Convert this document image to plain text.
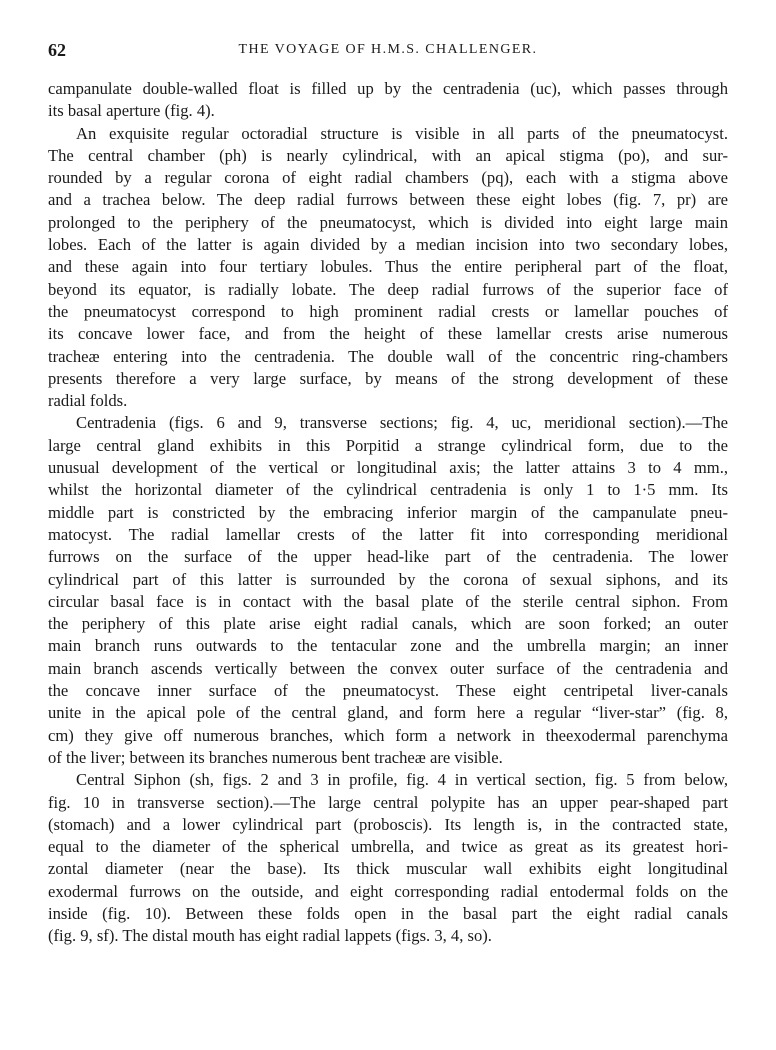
62	THE VOYAGE OF H.M.S. CHALLENGER.

campanulate double-walled float is filled up by the centradenia (uc), which passes through
its basal aperture (fig. 4).

An exquisite regular octoradial structure is visible in all parts of the pneumatocyst.
The central chamber (ph) is nearly cylindrical, with an apical stigma (po), and sur-
rounded by a regular corona of eight radial chambers (pq), each with a stigma above
and a trachea below. The deep radial furrows between these eight lobes (fig. 7, pr) are
prolonged to the periphery of the pneumatocyst, which is divided into eight large main
lobes. Each of the latter is again divided by a median incision into two secondary lobes,
and these again into four tertiary lobules. Thus the entire peripheral part of the float,
beyond its equator, is radially lobate. The deep radial furrows of the superior face of
the pneumatocyst correspond to high prominent radial crests or lamellar pouches of
its concave lower face, and from the height of these lamellar crests arise numerous
tracheæ entering into the centradenia. The double wall of the concentric ring-chambers
presents therefore a very large surface, by means of the strong development of these
radial folds.

Centradenia (figs. 6 and 9, transverse sections; fig. 4, uc, meridional section).—The
large central gland exhibits in this Porpitid a strange cylindrical form, due to the
unusual development of the vertical or longitudinal axis; the latter attains 3 to 4 mm.,
whilst the horizontal diameter of the cylindrical centradenia is only 1 to 1·5 mm. Its
middle part is constricted by the embracing inferior margin of the campanulate pneu-
matocyst. The radial lamellar crests of the latter fit into corresponding meridional
furrows on the surface of the upper head-like part of the centradenia. The lower
cylindrical part of this latter is surrounded by the corona of sexual siphons, and its
circular basal face is in contact with the basal plate of the sterile central siphon. From
the periphery of this plate arise eight radial canals, which are soon forked; an outer
main branch runs outwards to the tentacular zone and the umbrella margin; an inner
main branch ascends vertically between the convex outer surface of the centradenia and
the concave inner surface of the pneumatocyst. These eight centripetal liver-canals
unite in the apical pole of the central gland, and form here a regular “liver-star” (fig. 8,
cm) they give off numerous branches, which form a network in theexodermal parenchyma
of the liver; between its branches numerous bent tracheæ are visible.

Central Siphon (sh, figs. 2 and 3 in profile, fig. 4 in vertical section, fig. 5 from below,
fig. 10 in transverse section).—The large central polypite has an upper pear-shaped part
(stomach) and a lower cylindrical part (proboscis). Its length is, in the contracted state,
equal to the diameter of the spherical umbrella, and twice as great as its greatest hori-
zontal diameter (near the base). Its thick muscular wall exhibits eight longitudinal
exodermal furrows on the outside, and eight corresponding radial entodermal folds on the
inside (fig. 10). Between these folds open in the basal part the eight radial canals
(fig. 9, sf). The distal mouth has eight radial lappets (figs. 3, 4, so).
